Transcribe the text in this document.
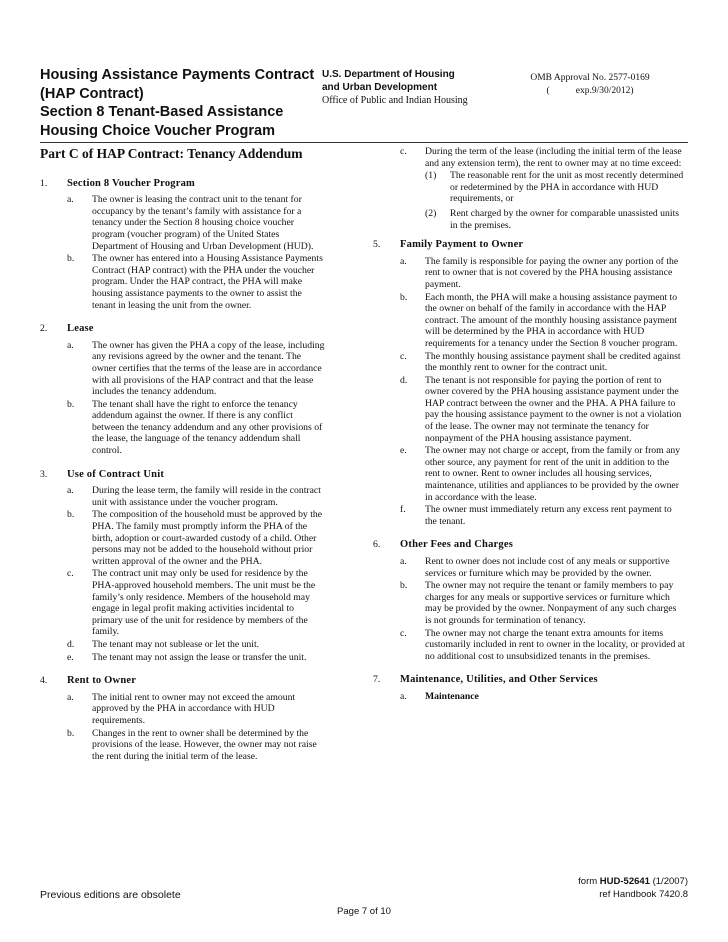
Housing Assistance Payments Contract
(HAP Contract)
Section 8 Tenant-Based Assistance
Housing Choice Voucher Program
U.S. Department of Housing
and Urban Development
Office of Public and Indian Housing
OMB Approval No. 2577-0169
(           exp.9/30/2012)
Part C of HAP Contract: Tenancy Addendum
1. Section 8 Voucher Program
a. The owner is leasing the contract unit to the tenant for occupancy by the tenant’s family with assistance for a tenancy under the Section 8 housing choice voucher program (voucher program) of the United States Department of Housing and Urban Development (HUD).
b. The owner has entered into a Housing Assistance Payments Contract (HAP contract) with the PHA under the voucher program. Under the HAP contract, the PHA will make housing assistance payments to the owner to assist the tenant in leasing the unit from the owner.
2. Lease
a. The owner has given the PHA a copy of the lease, including any revisions agreed by the owner and the tenant. The owner certifies that the terms of the lease are in accordance with all provisions of the HAP contract and that the lease includes the tenancy addendum.
b. The tenant shall have the right to enforce the tenancy addendum against the owner. If there is any conflict between the tenancy addendum and any other provisions of the lease, the language of the tenancy addendum shall control.
3. Use of Contract Unit
a. During the lease term, the family will reside in the contract unit with assistance under the voucher program.
b. The composition of the household must be approved by the PHA. The family must promptly inform the PHA of the birth, adoption or court-awarded custody of a child. Other persons may not be added to the household without prior written approval of the owner and the PHA.
c. The contract unit may only be used for residence by the PHA-approved household members. The unit must be the family’s only residence. Members of the household may engage in legal profit making activities incidental to primary use of the unit for residence by members of the family.
d. The tenant may not sublease or let the unit.
e. The tenant may not assign the lease or transfer the unit.
4. Rent to Owner
a. The initial rent to owner may not exceed the amount approved by the PHA in accordance with HUD requirements.
b. Changes in the rent to owner shall be determined by the provisions of the lease. However, the owner may not raise the rent during the initial term of the lease.
c. During the term of the lease (including the initial term of the lease and any extension term), the rent to owner may at no time exceed:
(1) The reasonable rent for the unit as most recently determined or redetermined by the PHA in accordance with HUD requirements, or
(2) Rent charged by the owner for comparable unassisted units in the premises.
5. Family Payment to Owner
a. The family is responsible for paying the owner any portion of the rent to owner that is not covered by the PHA housing assistance payment.
b. Each month, the PHA will make a housing assistance payment to the owner on behalf of the family in accordance with the HAP contract. The amount of the monthly housing assistance payment will be determined by the PHA in accordance with HUD requirements for a tenancy under the Section 8 voucher program.
c. The monthly housing assistance payment shall be credited against the monthly rent to owner for the contract unit.
d. The tenant is not responsible for paying the portion of rent to owner covered by the PHA housing assistance payment under the HAP contract between the owner and the PHA. A PHA failure to pay the housing assistance payment to the owner is not a violation of the lease. The owner may not terminate the tenancy for nonpayment of the PHA housing assistance payment.
e. The owner may not charge or accept, from the family or from any other source, any payment for rent of the unit in addition to the rent to owner. Rent to owner includes all housing services, maintenance, utilities and appliances to be provided by the owner in accordance with the lease.
f. The owner must immediately return any excess rent payment to the tenant.
6. Other Fees and Charges
a. Rent to owner does not include cost of any meals or supportive services or furniture which may be provided by the owner.
b. The owner may not require the tenant or family members to pay charges for any meals or supportive services or furniture which may be provided by the owner. Nonpayment of any such charges is not grounds for termination of tenancy.
c. The owner may not charge the tenant extra amounts for items customarily included in rent to owner in the locality, or provided at no additional cost to unsubsidized tenants in the premises.
7. Maintenance, Utilities, and Other Services
a. Maintenance
Previous editions are obsolete
form HUD-52641 (1/2007)
ref Handbook 7420.8
Page 7 of 10
